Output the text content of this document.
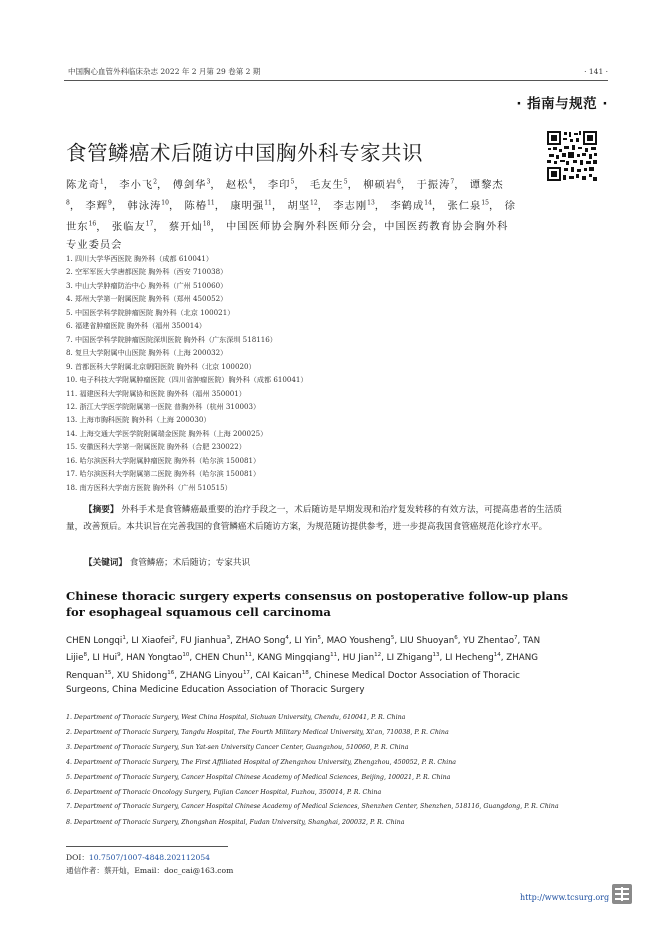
中国胸心血管外科临床杂志 2022 年 2 月第 29 卷第 2 期	· 141 ·
· 指南与规范 ·
食管鳞癌术后随访中国胸外科专家共识
陈龙奇$^1$， 李小飞$^2$， 傅剑华$^3$， 赵松$^4$， 李印$^5$， 毛友生$^5$， 柳硕岩$^6$， 于振涛$^7$， 谭黎杰$^8$， 李辉$^9$， 韩泳涛$^{10}$， 陈椿$^{11}$， 康明强$^{11}$， 胡坚$^{12}$， 李志刚$^{13}$， 李鹤成$^{14}$， 张仁泉$^{15}$， 徐世东$^{16}$， 张临友$^{17}$， 蔡开灿$^{18}$， 中国医师协会胸外科医师分会，中国医药教育协会胸外科专业委员会
1. 四川大学华西医院 胸外科（成都 610041）
2. 空军军医大学唐都医院 胸外科（西安 710038）
3. 中山大学肿瘤防治中心 胸外科（广州 510060）
4. 郑州大学第一附属医院 胸外科（郑州 450052）
5. 中国医学科学院肿瘤医院 胸外科（北京 100021）
6. 福建省肿瘤医院 胸外科（福州 350014）
7. 中国医学科学院肿瘤医院深圳医院 胸外科（广东深圳 518116）
8. 复旦大学附属中山医院 胸外科（上海 200032）
9. 首都医科大学附属北京朝阳医院 胸外科（北京 100020）
10. 电子科技大学附属肿瘤医院（四川省肿瘤医院）胸外科（成都 610041）
11. 福建医科大学附属协和医院 胸外科（福州 350001）
12. 浙江大学医学院附属第一医院 普胸外科（杭州 310003）
13. 上海市胸科医院 胸外科（上海 200030）
14. 上海交通大学医学院附属瑞金医院 胸外科（上海 200025）
15. 安徽医科大学第一附属医院 胸外科（合肥 230022）
16. 哈尔滨医科大学附属肿瘤医院 胸外科（哈尔滨 150081）
17. 哈尔滨医科大学附属第二医院 胸外科（哈尔滨 150081）
18. 南方医科大学南方医院 胸外科（广州 510515）
【摘要】 外科手术是食管鳞癌最重要的治疗手段之一，术后随访是早期发现和治疗复发转移的有效方法，可提高患者的生活质量，改善预后。本共识旨在完善我国的食管鳞癌术后随访方案，为规范随访提供参考，进一步提高我国食管癌规范化诊疗水平。
【关键词】 食管鳞癌；术后随访；专家共识
Chinese thoracic surgery experts consensus on postoperative follow-up plans for esophageal squamous cell carcinoma
CHEN Longqi$^1$, LI Xiaofei$^2$, FU Jianhua$^3$, ZHAO Song$^4$, LI Yin$^5$, MAO Yousheng$^5$, LIU Shuoyan$^6$, YU Zhentao$^7$, TAN Lijie$^8$, LI Hui$^9$, HAN Yongtao$^{10}$, CHEN Chun$^{11}$, KANG Mingqiang$^{11}$, HU Jian$^{12}$, LI Zhigang$^{13}$, LI Hecheng$^{14}$, ZHANG Renquan$^{15}$, XU Shidong$^{16}$, ZHANG Linyou$^{17}$, CAI Kaican$^{18}$, Chinese Medical Doctor Association of Thoracic Surgeons, China Medicine Education Association of Thoracic Surgery
1. Department of Thoracic Surgery, West China Hospital, Sichuan University, Chendu, 610041, P. R. China
2. Department of Thoracic Surgery, Tangdu Hospital, The Fourth Military Medical University, Xi'an, 710038, P. R. China
3. Department of Thoracic Surgery, Sun Yat-sen University Cancer Center, Guangzhou, 510060, P. R. China
4. Department of Thoracic Surgery, The First Affiliated Hospital of Zhengzhou University, Zhengzhou, 450052, P. R. China
5. Department of Thoracic Surgery, Cancer Hospital Chinese Academy of Medical Sciences, Beijing, 100021, P. R. China
6. Department of Thoracic Oncology Surgery, Fujian Cancer Hospital, Fuzhou, 350014, P. R. China
7. Department of Thoracic Surgery, Cancer Hospital Chinese Academy of Medical Sciences, Shenzhen Center, Shenzhen, 518116, Guangdong, P. R. China
8. Department of Thoracic Surgery, Zhongshan Hospital, Fudan University, Shanghai, 200032, P. R. China
DOI：10.7507/1007-4848.202112054
通信作者：蔡开灿，Email：doc_cai@163.com
http://www.tcsurg.org
